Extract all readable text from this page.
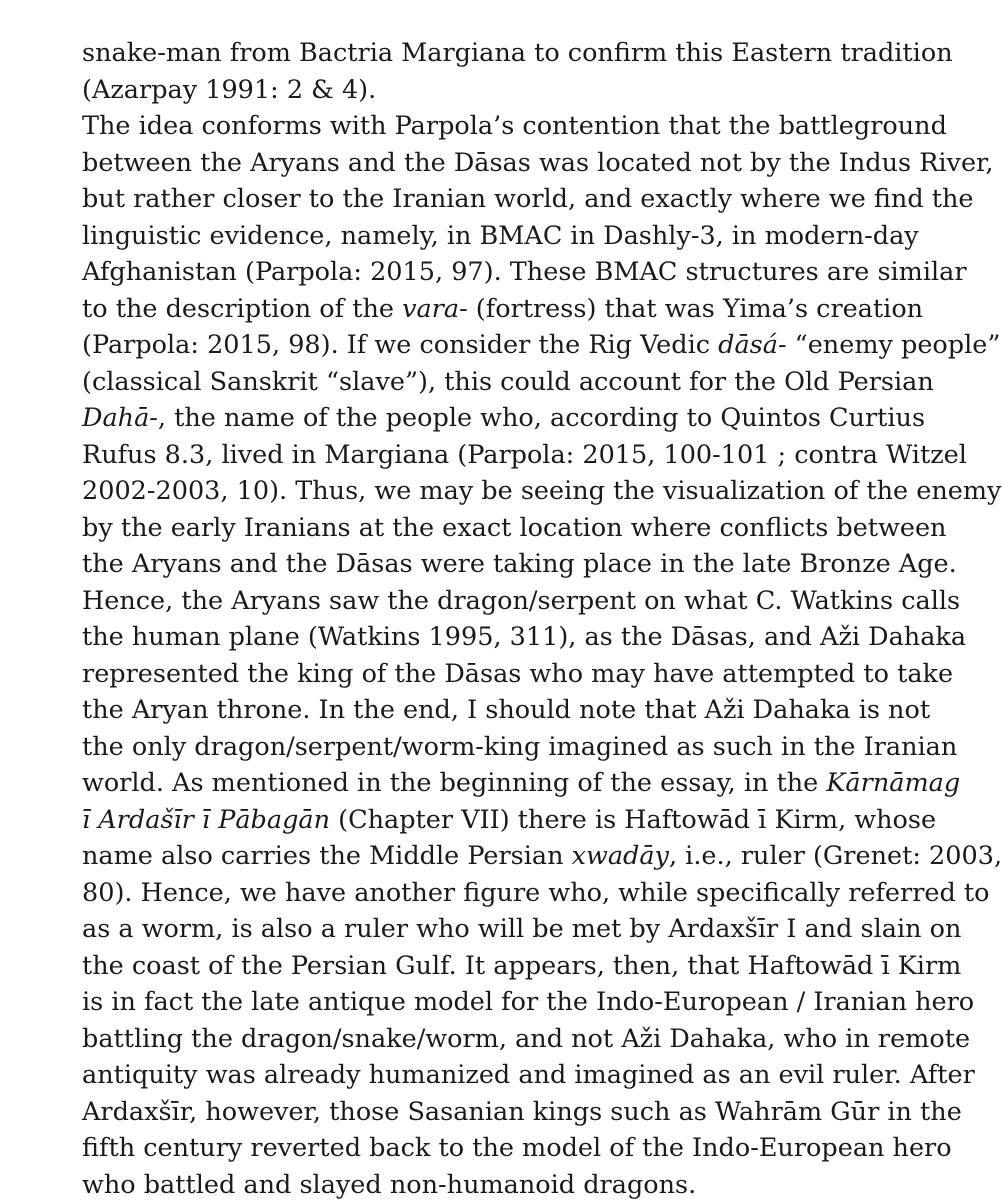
snake-man from Bactria Margiana to confirm this Eastern tradition
(Azarpay 1991: 2 & 4).
The idea conforms with Parpola’s contention that the battleground
between the Aryans and the Dāsas was located not by the Indus River,
but rather closer to the Iranian world, and exactly where we find the
linguistic evidence, namely, in BMAC in Dashly-3, in modern-day
Afghanistan (Parpola: 2015, 97). These BMAC structures are similar
to the description of the vara- (fortress) that was Yima’s creation
(Parpola: 2015, 98). If we consider the Rig Vedic dāsá- “enemy people”
(classical Sanskrit “slave”), this could account for the Old Persian
Dahā-, the name of the people who, according to Quintos Curtius
Rufus 8.3, lived in Margiana (Parpola: 2015, 100-101 ; contra Witzel
2002-2003, 10). Thus, we may be seeing the visualization of the enemy
by the early Iranians at the exact location where conflicts between
the Aryans and the Dāsas were taking place in the late Bronze Age.
Hence, the Aryans saw the dragon/serpent on what C. Watkins calls
the human plane (Watkins 1995, 311), as the Dāsas, and Aži Dahaka
represented the king of the Dāsas who may have attempted to take
the Aryan throne. In the end, I should note that Aži Dahaka is not
the only dragon/serpent/worm-king imagined as such in the Iranian
world. As mentioned in the beginning of the essay, in the Kārnāmag
ī Ardašīr ī Pābagān (Chapter VII) there is Haftowād ī Kirm, whose
name also carries the Middle Persian xwadāy, i.e., ruler (Grenet: 2003,
80). Hence, we have another figure who, while specifically referred to
as a worm, is also a ruler who will be met by Ardaxšīr I and slain on
the coast of the Persian Gulf. It appears, then, that Haftowād ī Kirm
is in fact the late antique model for the Indo-European / Iranian hero
battling the dragon/snake/worm, and not Aži Dahaka, who in remote
antiquity was already humanized and imagined as an evil ruler. After
Ardaxšīr, however, those Sasanian kings such as Wahrām Gūr in the
fifth century reverted back to the model of the Indo-European hero
who battled and slayed non-humanoid dragons.
